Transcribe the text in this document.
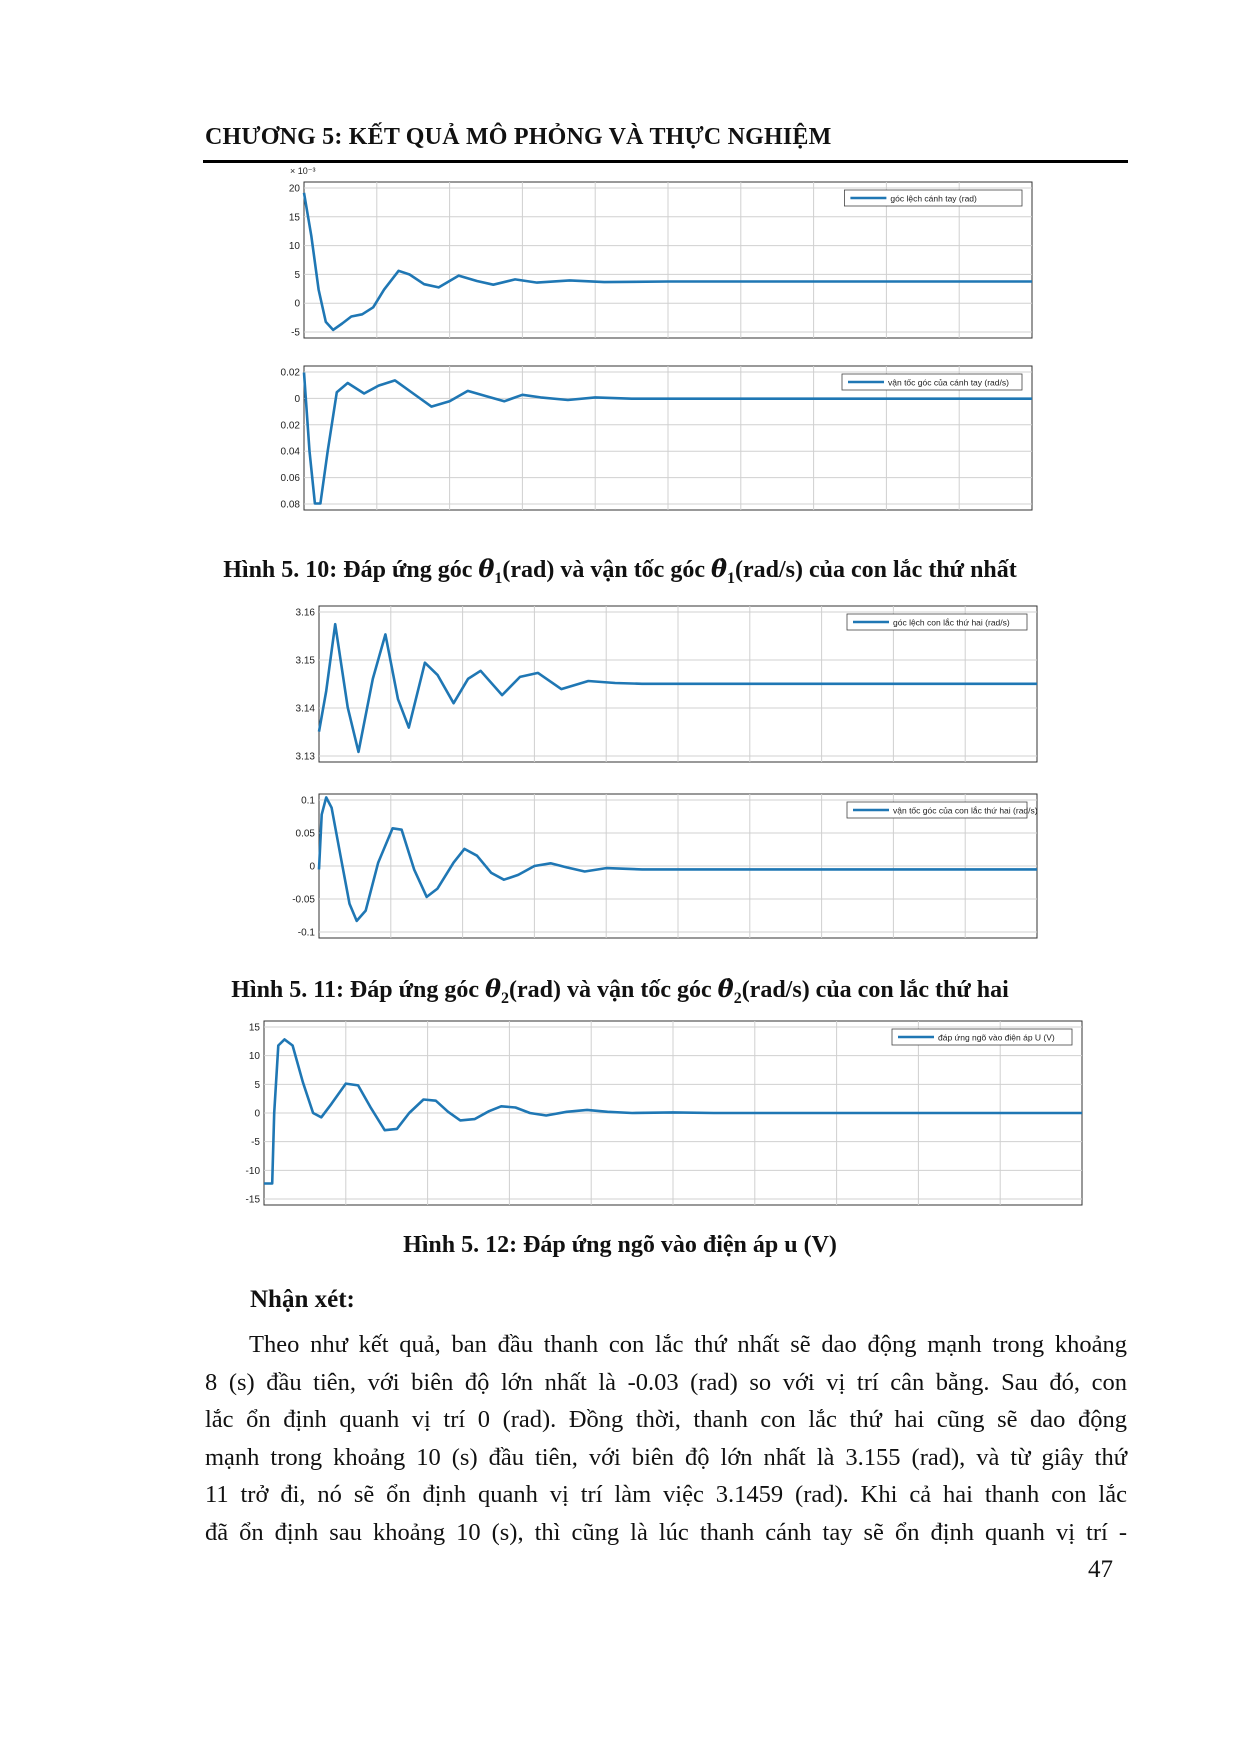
CHƯƠNG 5: KẾT QUẢ MÔ PHỎNG VÀ THỰC NGHIỆM
20
15
10
5
0
-5
× 10⁻³
góc lệch cánh tay (rad)
0.02
0
0.02
0.04
0.06
0.08
vận tốc góc của cánh tay (rad/s)
Hình 5. 10: Đáp ứng góc $\theta_1(rad)$ và vận tốc góc $\thetȧ_1(rad/s)$ của con lắc thứ nhất
3.16
3.15
3.14
3.13
góc lệch con lắc thứ hai (rad/s)
0.1
0.05
0
-0.05
-0.1
vận tốc góc của con lắc thứ hai (rad/s)
Hình 5. 11: Đáp ứng góc $\theta_2(rad)$ và vận tốc góc $\thetȧ_2(rad/s)$ của con lắc thứ hai
15
10
5
0
-5
-10
-15
đáp ứng ngõ vào điện áp U (V)
Hình 5. 12: Đáp ứng ngõ vào điện áp u (V)
Nhận xét:
Theo như kết quả, ban đầu thanh con lắc thứ nhất sẽ dao động mạnh trong khoảng
8 (s) đầu tiên, với biên độ lớn nhất là -0.03 (rad) so với vị trí cân bằng. Sau đó, con
lắc ổn định quanh vị trí 0 (rad). Đồng thời, thanh con lắc thứ hai cũng sẽ dao động
mạnh trong khoảng 10 (s) đầu tiên, với biên độ lớn nhất là 3.155 (rad), và từ giây thứ
11 trở đi, nó sẽ ổn định quanh vị trí làm việc 3.1459 (rad). Khi cả hai thanh con lắc
đã ổn định sau khoảng 10 (s), thì cũng là lúc thanh cánh tay sẽ ổn định quanh vị trí -
47
